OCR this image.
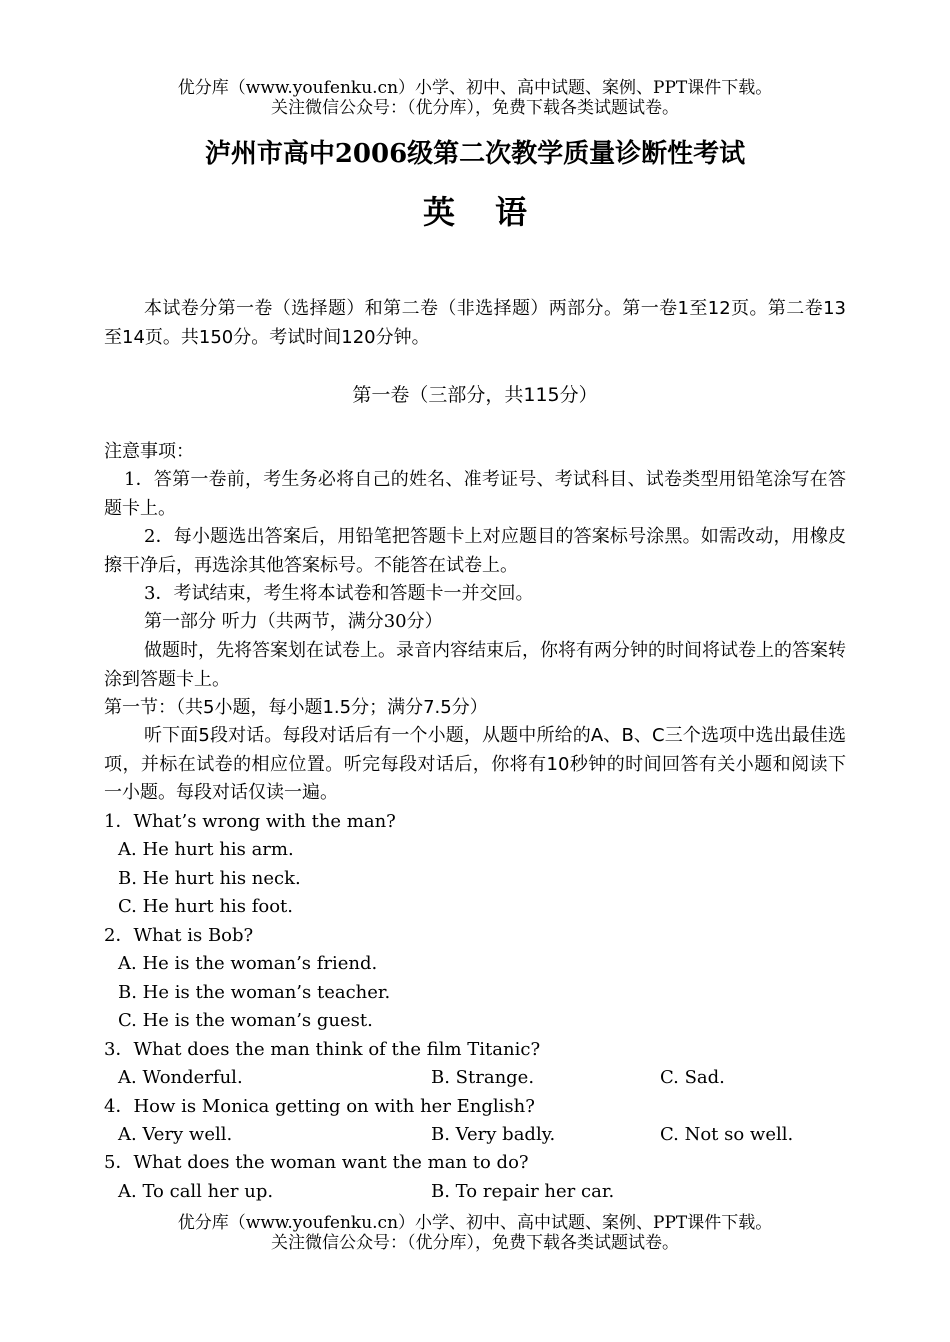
优分库（www.youfenku.cn）小学、初中、高中试题、案例、PPT课件下载。
关注微信公众号：（优分库），免费下载各类试题试卷。
泸州市高中2006级第二次教学质量诊断性考试
英语
本试卷分第一卷（选择题）和第二卷（非选择题）两部分。第一卷1至12页。第二卷13至14页。共150分。考试时间120分钟。
第一卷（三部分，共115分）
注意事项：
1．答第一卷前，考生务必将自己的姓名、准考证号、考试科目、试卷类型用铅笔涂写在答题卡上。
2．每小题选出答案后，用铅笔把答题卡上对应题目的答案标号涂黑。如需改动，用橡皮擦干净后，再选涂其他答案标号。不能答在试卷上。
3．考试结束，考生将本试卷和答题卡一并交回。
第一部分 听力（共两节，满分30分）
做题时，先将答案划在试卷上。录音内容结束后，你将有两分钟的时间将试卷上的答案转涂到答题卡上。
第一节：（共5小题，每小题1.5分；满分7.5分）
听下面5段对话。每段对话后有一个小题，从题中所给的A、B、C三个选项中选出最佳选项，并标在试卷的相应位置。听完每段对话后，你将有10秒钟的时间回答有关小题和阅读下一小题。每段对话仅读一遍。
1．What’s wrong with the man?
A. He hurt his arm.
B. He hurt his neck.
C. He hurt his foot.
2．What is Bob?
A. He is the woman’s friend.
B. He is the woman’s teacher.
C. He is the woman’s guest.
3．What does the man think of the film Titanic?
A. Wonderful.	B. Strange.	C. Sad.
4．How is Monica getting on with her English?
A. Very well.	B. Very badly.	C. Not so well.
5．What does the woman want the man to do?
A. To call her up.	B. To repair her car.
优分库（www.youfenku.cn）小学、初中、高中试题、案例、PPT课件下载。
关注微信公众号：（优分库），免费下载各类试题试卷。
